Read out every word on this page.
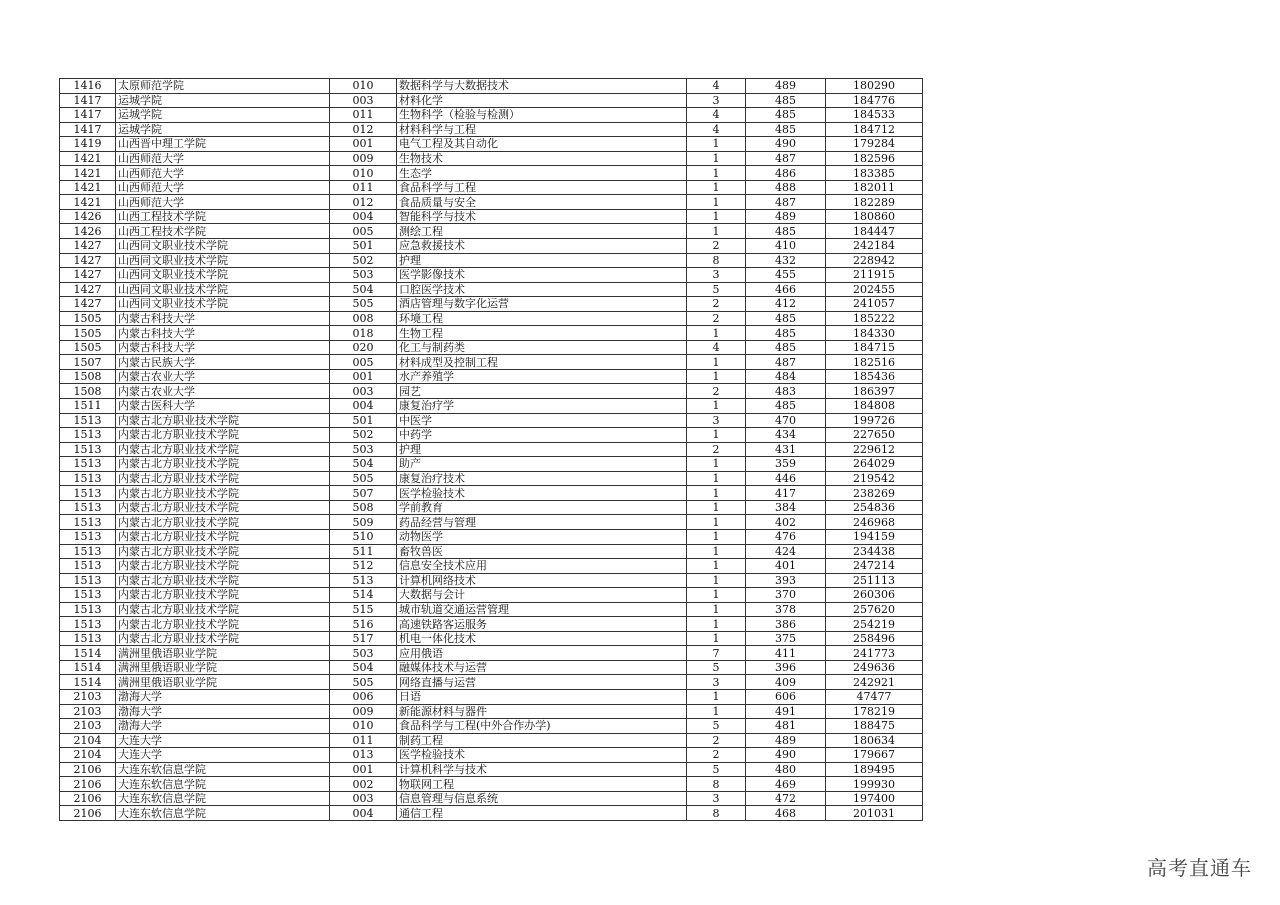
1416	太原师范学院	010	数据科学与大数据技术	4	489	180290
1417	运城学院	003	材料化学	3	485	184776
1417	运城学院	011	生物科学（检验与检测）	4	485	184533
1417	运城学院	012	材料科学与工程	4	485	184712
1419	山西晋中理工学院	001	电气工程及其自动化	1	490	179284
1421	山西师范大学	009	生物技术	1	487	182596
1421	山西师范大学	010	生态学	1	486	183385
1421	山西师范大学	011	食品科学与工程	1	488	182011
1421	山西师范大学	012	食品质量与安全	1	487	182289
1426	山西工程技术学院	004	智能科学与技术	1	489	180860
1426	山西工程技术学院	005	测绘工程	1	485	184447
1427	山西同文职业技术学院	501	应急救援技术	2	410	242184
1427	山西同文职业技术学院	502	护理	8	432	228942
1427	山西同文职业技术学院	503	医学影像技术	3	455	211915
1427	山西同文职业技术学院	504	口腔医学技术	5	466	202455
1427	山西同文职业技术学院	505	酒店管理与数字化运营	2	412	241057
1505	内蒙古科技大学	008	环境工程	2	485	185222
1505	内蒙古科技大学	018	生物工程	1	485	184330
1505	内蒙古科技大学	020	化工与制药类	4	485	184715
1507	内蒙古民族大学	005	材料成型及控制工程	1	487	182516
1508	内蒙古农业大学	001	水产养殖学	1	484	185436
1508	内蒙古农业大学	003	园艺	2	483	186397
1511	内蒙古医科大学	004	康复治疗学	1	485	184808
1513	内蒙古北方职业技术学院	501	中医学	3	470	199726
1513	内蒙古北方职业技术学院	502	中药学	1	434	227650
1513	内蒙古北方职业技术学院	503	护理	2	431	229612
1513	内蒙古北方职业技术学院	504	助产	1	359	264029
1513	内蒙古北方职业技术学院	505	康复治疗技术	1	446	219542
1513	内蒙古北方职业技术学院	507	医学检验技术	1	417	238269
1513	内蒙古北方职业技术学院	508	学前教育	1	384	254836
1513	内蒙古北方职业技术学院	509	药品经营与管理	1	402	246968
1513	内蒙古北方职业技术学院	510	动物医学	1	476	194159
1513	内蒙古北方职业技术学院	511	畜牧兽医	1	424	234438
1513	内蒙古北方职业技术学院	512	信息安全技术应用	1	401	247214
1513	内蒙古北方职业技术学院	513	计算机网络技术	1	393	251113
1513	内蒙古北方职业技术学院	514	大数据与会计	1	370	260306
1513	内蒙古北方职业技术学院	515	城市轨道交通运营管理	1	378	257620
1513	内蒙古北方职业技术学院	516	高速铁路客运服务	1	386	254219
1513	内蒙古北方职业技术学院	517	机电一体化技术	1	375	258496
1514	满洲里俄语职业学院	503	应用俄语	7	411	241773
1514	满洲里俄语职业学院	504	融媒体技术与运营	5	396	249636
1514	满洲里俄语职业学院	505	网络直播与运营	3	409	242921
2103	渤海大学	006	日语	1	606	47477
2103	渤海大学	009	新能源材料与器件	1	491	178219
2103	渤海大学	010	食品科学与工程(中外合作办学)	5	481	188475
2104	大连大学	011	制药工程	2	489	180634
2104	大连大学	013	医学检验技术	2	490	179667
2106	大连东软信息学院	001	计算机科学与技术	5	480	189495
2106	大连东软信息学院	002	物联网工程	8	469	199930
2106	大连东软信息学院	003	信息管理与信息系统	3	472	197400
2106	大连东软信息学院	004	通信工程	8	468	201031
高考直通车
